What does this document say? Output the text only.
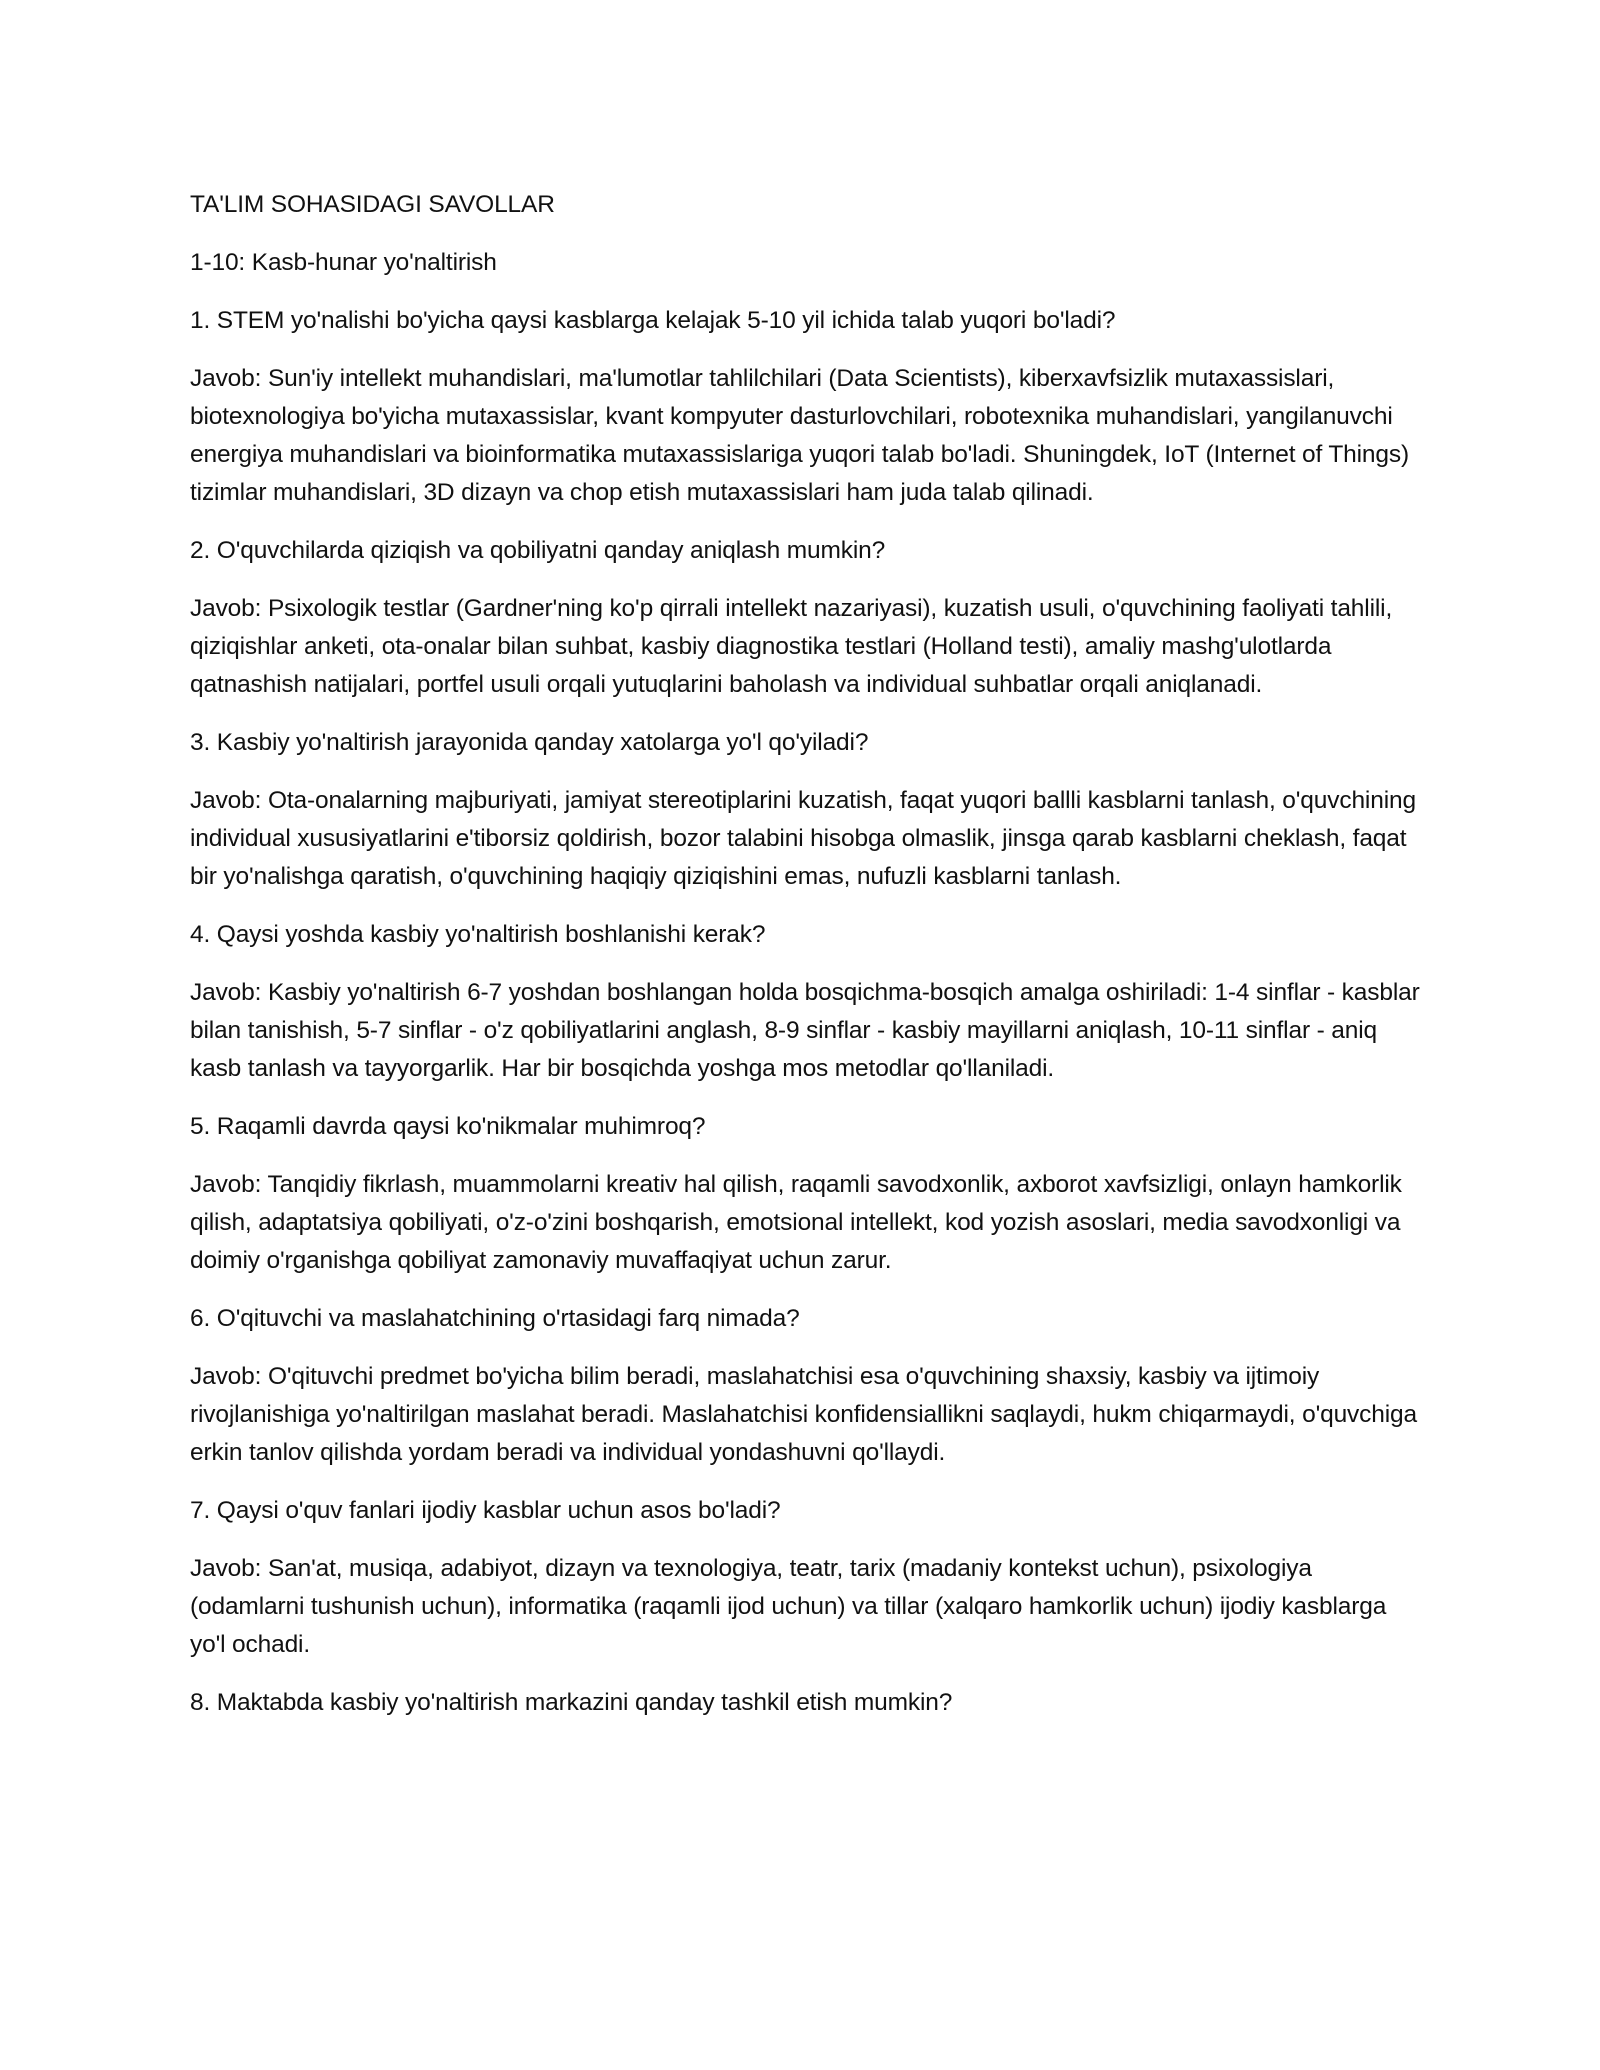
TA'LIM SOHASIDAGI SAVOLLAR

1-10: Kasb-hunar yo'naltirish

1. STEM yo'nalishi bo'yicha qaysi kasblarga kelajak 5-10 yil ichida talab yuqori bo'ladi?

Javob: Sun'iy intellekt muhandislari, ma'lumotlar tahlilchilari (Data Scientists), kiberxavfsizlik mutaxassislari, biotexnologiya bo'yicha mutaxassislar, kvant kompyuter dasturlovchilari, robotexnika muhandislari, yangilanuvchi energiya muhandislari va bioinformatika mutaxassislariga yuqori talab bo'ladi. Shuningdek, IoT (Internet of Things) tizimlar muhandislari, 3D dizayn va chop etish mutaxassislari ham juda talab qilinadi.

2. O'quvchilarda qiziqish va qobiliyatni qanday aniqlash mumkin?

Javob: Psixologik testlar (Gardner'ning ko'p qirrali intellekt nazariyasi), kuzatish usuli, o'quvchining faoliyati tahlili, qiziqishlar anketi, ota-onalar bilan suhbat, kasbiy diagnostika testlari (Holland testi), amaliy mashg'ulotlarda qatnashish natijalari, portfel usuli orqali yutuqlarini baholash va individual suhbatlar orqali aniqlanadi.

3. Kasbiy yo'naltirish jarayonida qanday xatolarga yo'l qo'yiladi?

Javob: Ota-onalarning majburiyati, jamiyat stereotiplarini kuzatish, faqat yuqori ballli kasblarni tanlash, o'quvchining individual xususiyatlarini e'tiborsiz qoldirish, bozor talabini hisobga olmaslik, jinsga qarab kasblarni cheklash, faqat bir yo'nalishga qaratish, o'quvchining haqiqiy qiziqishini emas, nufuzli kasblarni tanlash.

4. Qaysi yoshda kasbiy yo'naltirish boshlanishi kerak?

Javob: Kasbiy yo'naltirish 6-7 yoshdan boshlangan holda bosqichma-bosqich amalga oshiriladi: 1-4 sinflar - kasblar bilan tanishish, 5-7 sinflar - o'z qobiliyatlarini anglash, 8-9 sinflar - kasbiy mayillarni aniqlash, 10-11 sinflar - aniq kasb tanlash va tayyorgarlik. Har bir bosqichda yoshga mos metodlar qo'llaniladi.

5. Raqamli davrda qaysi ko'nikmalar muhimroq?

Javob: Tanqidiy fikrlash, muammolarni kreativ hal qilish, raqamli savodxonlik, axborot xavfsizligi, onlayn hamkorlik qilish, adaptatsiya qobiliyati, o'z-o'zini boshqarish, emotsional intellekt, kod yozish asoslari, media savodxonligi va doimiy o'rganishga qobiliyat zamonaviy muvaffaqiyat uchun zarur.

6. O'qituvchi va maslahatchining o'rtasidagi farq nimada?

Javob: O'qituvchi predmet bo'yicha bilim beradi, maslahatchisi esa o'quvchining shaxsiy, kasbiy va ijtimoiy rivojlanishiga yo'naltirilgan maslahat beradi. Maslahatchisi konfidensiallikni saqlaydi, hukm chiqarmaydi, o'quvchiga erkin tanlov qilishda yordam beradi va individual yondashuvni qo'llaydi.

7. Qaysi o'quv fanlari ijodiy kasblar uchun asos bo'ladi?

Javob: San'at, musiqa, adabiyot, dizayn va texnologiya, teatr, tarix (madaniy kontekst uchun), psixologiya (odamlarni tushunish uchun), informatika (raqamli ijod uchun) va tillar (xalqaro hamkorlik uchun) ijodiy kasblarga yo'l ochadi.

8. Maktabda kasbiy yo'naltirish markazini qanday tashkil etish mumkin?
